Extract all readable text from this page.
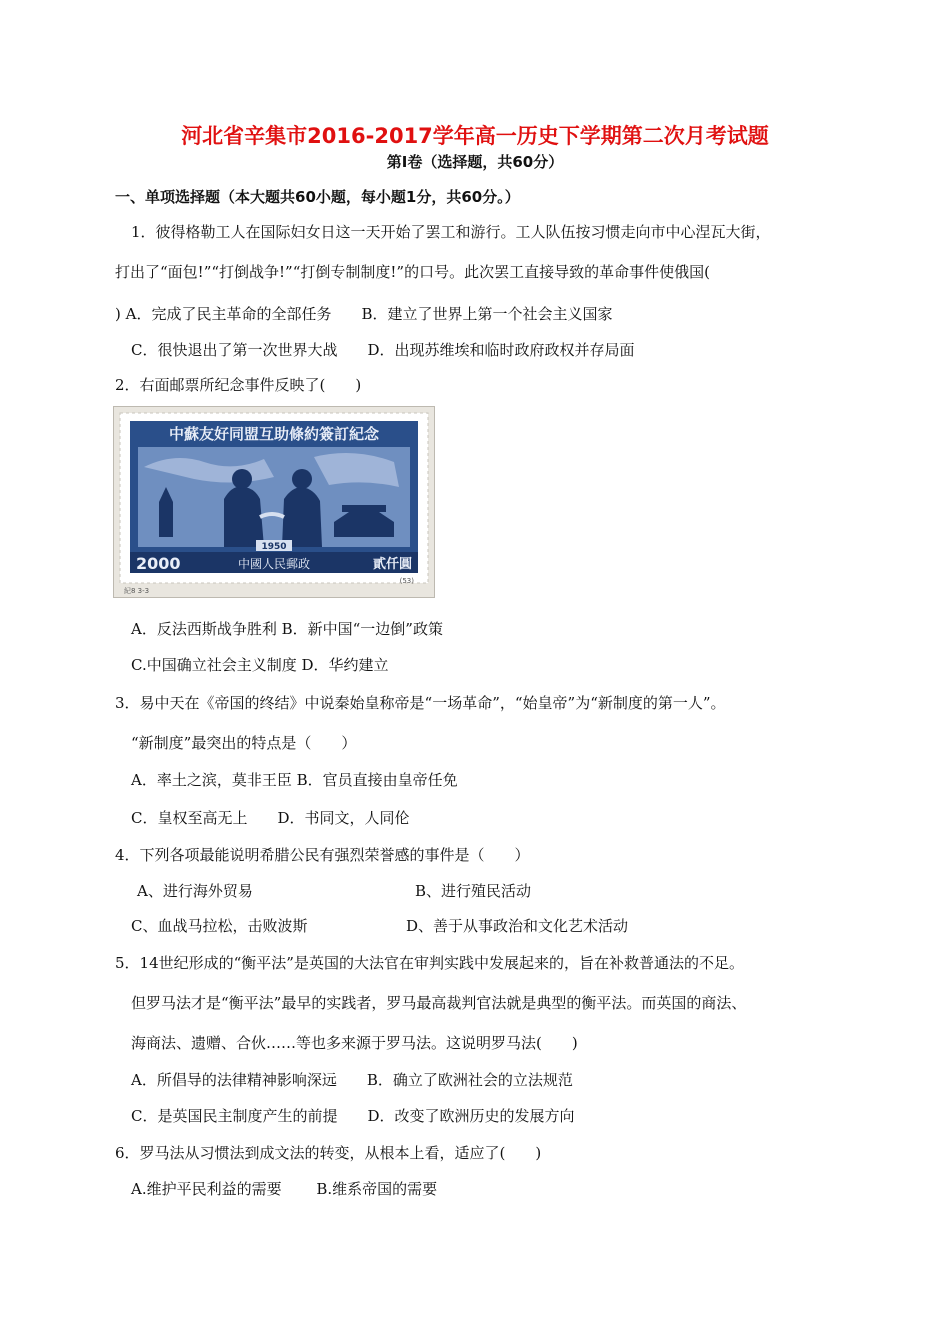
河北省辛集市2016-2017学年高一历史下学期第二次月考试题
第Ⅰ卷（选择题，共60分）
一、单项选择题（本大题共60小题，每小题1分，共60分。）
1．彼得格勒工人在国际妇女日这一天开始了罢工和游行。工人队伍按习惯走向市中心涅瓦大街，
打出了“面包!”“打倒战争!”“打倒专制制度!”的口号。此次罢工直接导致的革命事件使俄国(
) A．完成了民主革命的全部任务　　B．建立了世界上第一个社会主义国家
C．很快退出了第一次世界大战　　D．出现苏维埃和临时政府政权并存局面
2．右面邮票所纪念事件反映了(　　)
中蘇友好同盟互助條約簽訂紀念
1950
2000	中國人民郵政	貳仟圓
紀8 3-3
(53)
A．反法西斯战争胜利 B．新中国“一边倒”政策
C.中国确立社会主义制度 D．华约建立
3．易中天在《帝国的终结》中说秦始皇称帝是“一场革命”，“始皇帝”为“新制度的第一人”。
“新制度”最突出的特点是（　　）
A．率土之滨，莫非王臣 B．官员直接由皇帝任免
C．皇权至高无上　　D．书同文，人同伦
4．下列各项最能说明希腊公民有强烈荣誉感的事件是（　　）
A、进行海外贸易	B、进行殖民活动
C、血战马拉松，击败波斯	D、善于从事政治和文化艺术活动
5．14世纪形成的“衡平法”是英国的大法官在审判实践中发展起来的，旨在补救普通法的不足。
但罗马法才是“衡平法”最早的实践者，罗马最高裁判官法就是典型的衡平法。而英国的商法、
海商法、遗赠、合伙……等也多来源于罗马法。这说明罗马法(　　)
A．所倡导的法律精神影响深远　　B．确立了欧洲社会的立法规范
C．是英国民主制度产生的前提　　D．改变了欧洲历史的发展方向
6．罗马法从习惯法到成文法的转变，从根本上看，适应了(　　)
A.维护平民利益的需要　　 B.维系帝国的需要
